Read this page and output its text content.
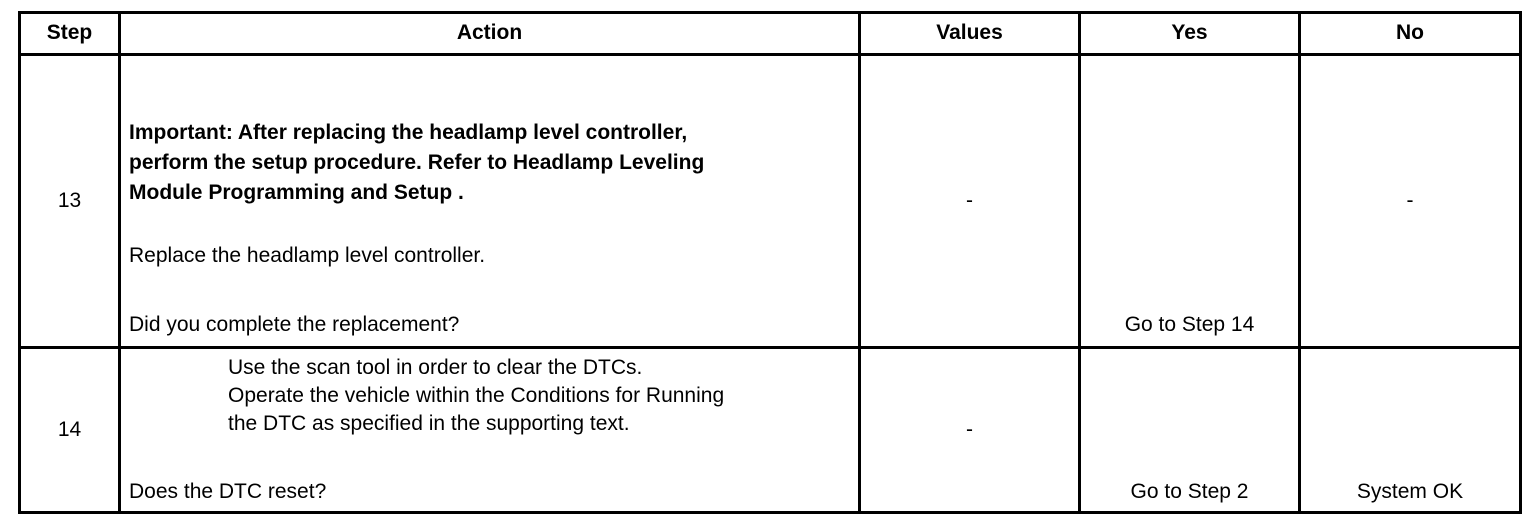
Step	Action	Values	Yes	No
13	Important: After replacing the headlamp level controller,
perform the setup procedure. Refer to Headlamp Leveling
Module Programming and Setup .
Replace the headlamp level controller.
Did you complete the replacement?	-	Go to Step 14	-
14	Use the scan tool in order to clear the DTCs.
Operate the vehicle within the Conditions for Running
the DTC as specified in the supporting text.
Does the DTC reset?	-	Go to Step 2	System OK
